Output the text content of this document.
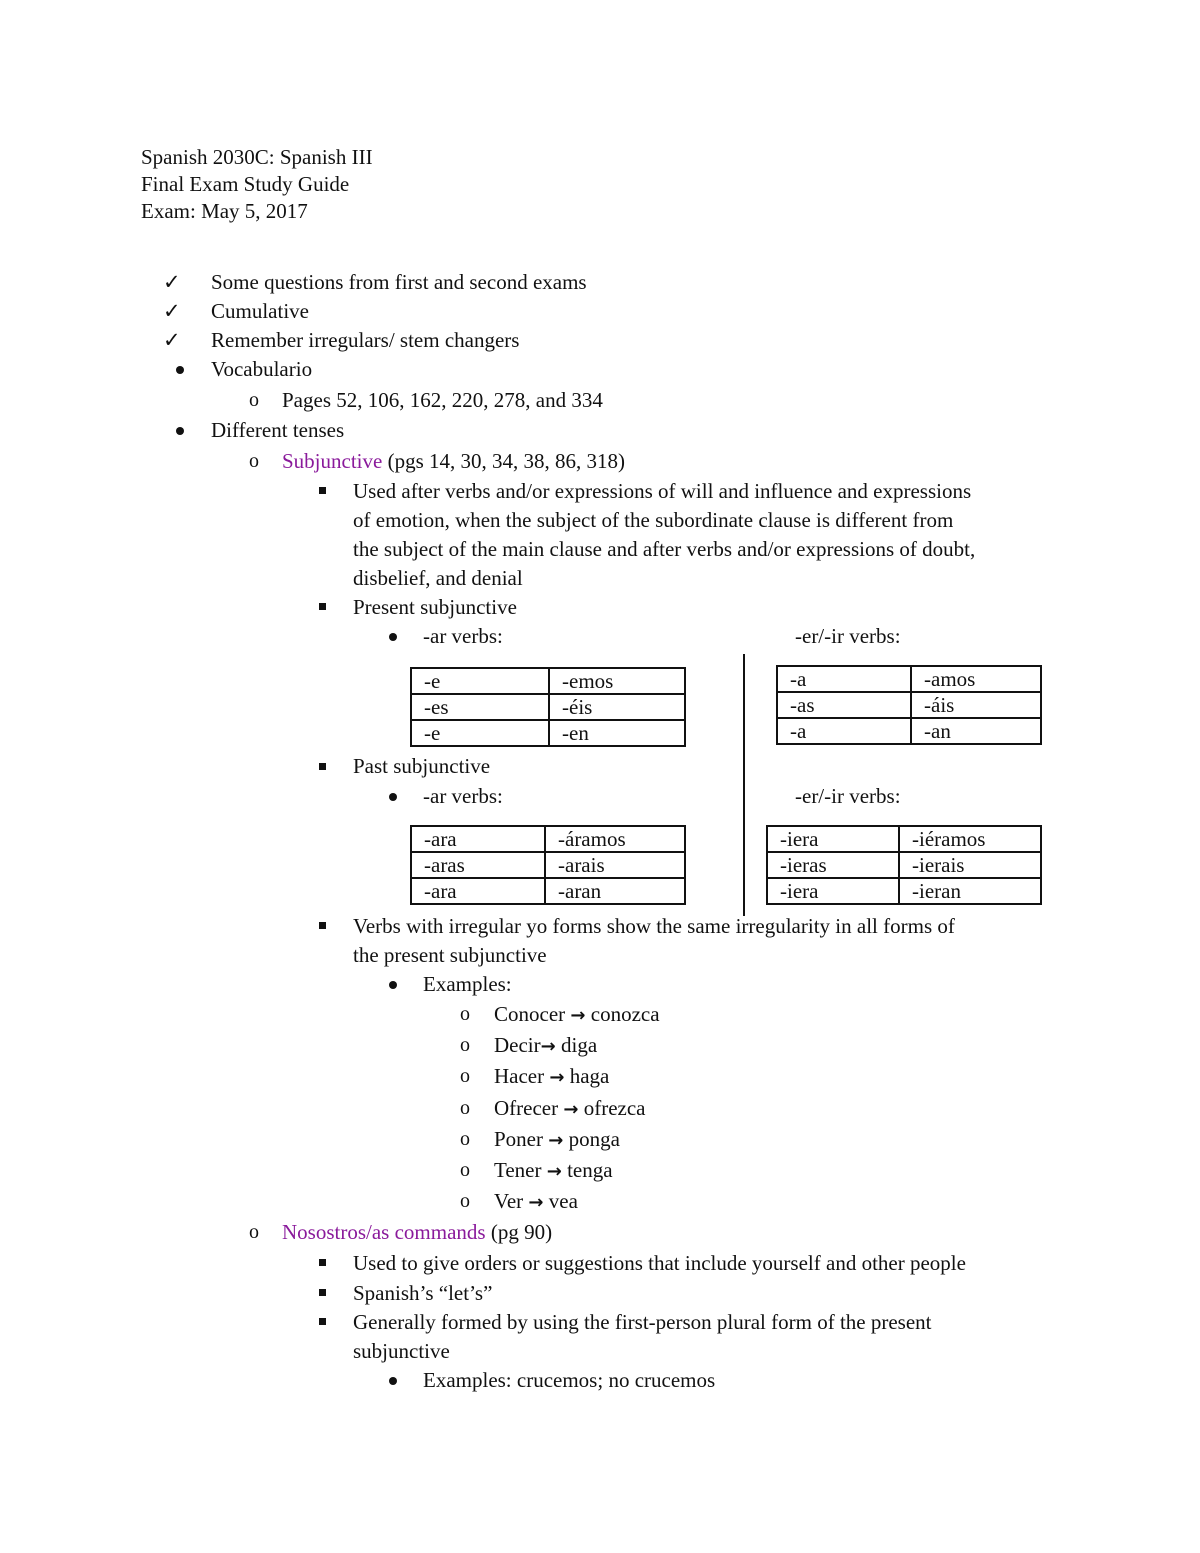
Spanish 2030C: Spanish III
Final Exam Study Guide
Exam: May 5, 2017
✓ Some questions from first and second exams
✓ Cumulative
✓ Remember irregulars/ stem changers
Vocabulario
o Pages 52, 106, 162, 220, 278, and 334
Different tenses
o Subjunctive (pgs 14, 30, 34, 38, 86, 318)
Used after verbs and/or expressions of will and influence and expressions
of emotion, when the subject of the subordinate clause is different from
the subject of the main clause and after verbs and/or expressions of doubt,
disbelief, and denial
Present subjunctive
-ar verbs:	-er/-ir verbs:
-e	-emos
-es	-éis
-e	-en
-a	-amos
-as	-áis
-a	-an
Past subjunctive
-ar verbs:	-er/-ir verbs:
-ara	-áramos
-aras	-arais
-ara	-aran
-iera	-iéramos
-ieras	-ierais
-iera	-ieran
Verbs with irregular yo forms show the same irregularity in all forms of
the present subjunctive
Examples:
o Conocer → conozca
o Decir→ diga
o Hacer → haga
o Ofrecer → ofrezca
o Poner → ponga
o Tener → tenga
o Ver → vea
o Nosostros/as commands (pg 90)
Used to give orders or suggestions that include yourself and other people
Spanish’s “let’s”
Generally formed by using the first-person plural form of the present
subjunctive
Examples: crucemos; no crucemos
